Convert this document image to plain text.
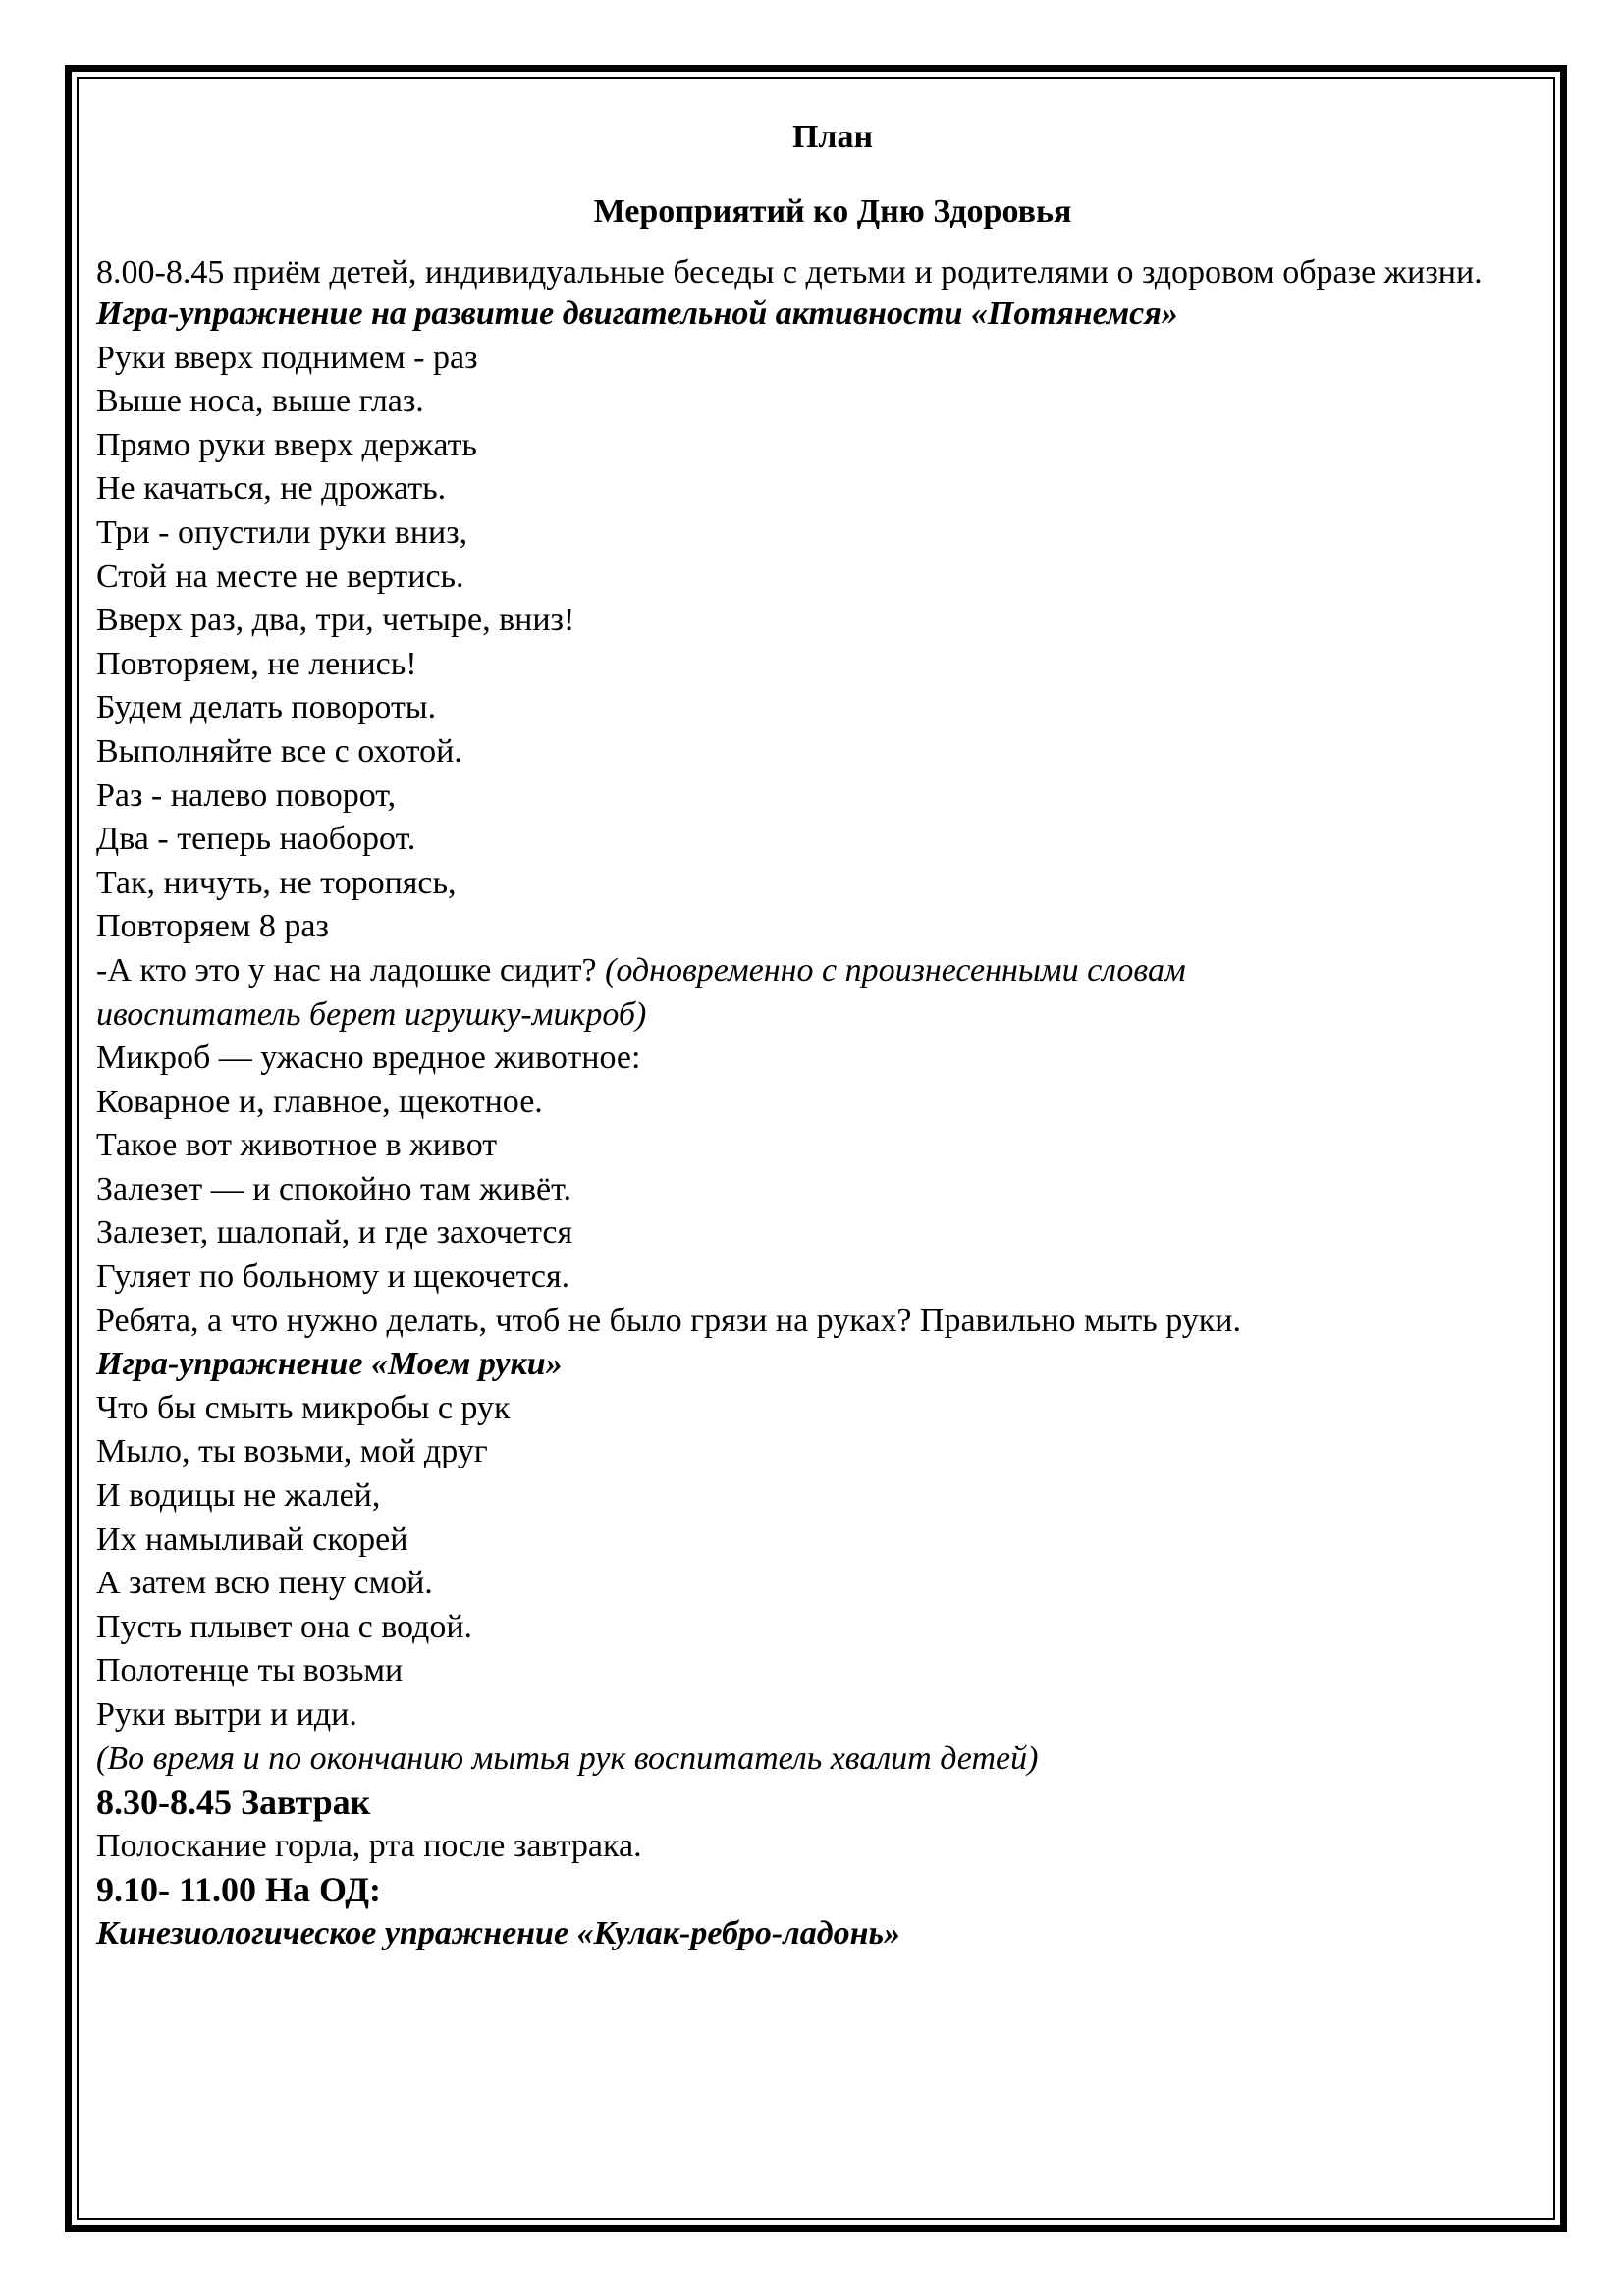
План

Мероприятий ко Дню Здоровья

8.00-8.45 приём детей, индивидуальные беседы с детьми и родителями о здоровом образе жизни.

Игра-упражнение на развитие двигательной активности «Потянемся»

Руки вверх поднимем - раз

Выше носа, выше глаз.

Прямо руки вверх держать

Не качаться, не дрожать.

Три - опустили руки вниз,

Стой на месте не вертись.

Вверх раз, два, три, четыре, вниз!

Повторяем, не ленись!

Будем делать повороты.

Выполняйте все с охотой.

Раз - налево поворот,

Два - теперь наоборот.

Так, ничуть, не торопясь,

Повторяем 8 раз

-А кто это у нас на ладошке сидит? (одновременно с произнесенными словам

ивоспитатель берет игрушку-микроб)

Микроб — ужасно вредное животное:

Коварное и, главное, щекотное.

Такое вот животное в живот

Залезет — и спокойно там живёт.

Залезет, шалопай, и где захочется

Гуляет по больному и щекочется.

Ребята, а что нужно делать, чтоб не было грязи на руках? Правильно мыть руки.

Игра-упражнение «Моем руки»

Что бы смыть микробы с рук

Мыло, ты возьми, мой друг

И водицы не жалей,

Их намыливай скорей

А затем всю пену смой.

Пусть плывет она с водой.

Полотенце ты возьми

Руки вытри и иди.

(Во время и по окончанию мытья рук воспитатель хвалит детей)

8.30-8.45 Завтрак

Полоскание горла, рта после завтрака.

9.10- 11.00 На ОД:

Кинезиологическое упражнение «Кулак-ребро-ладонь»
